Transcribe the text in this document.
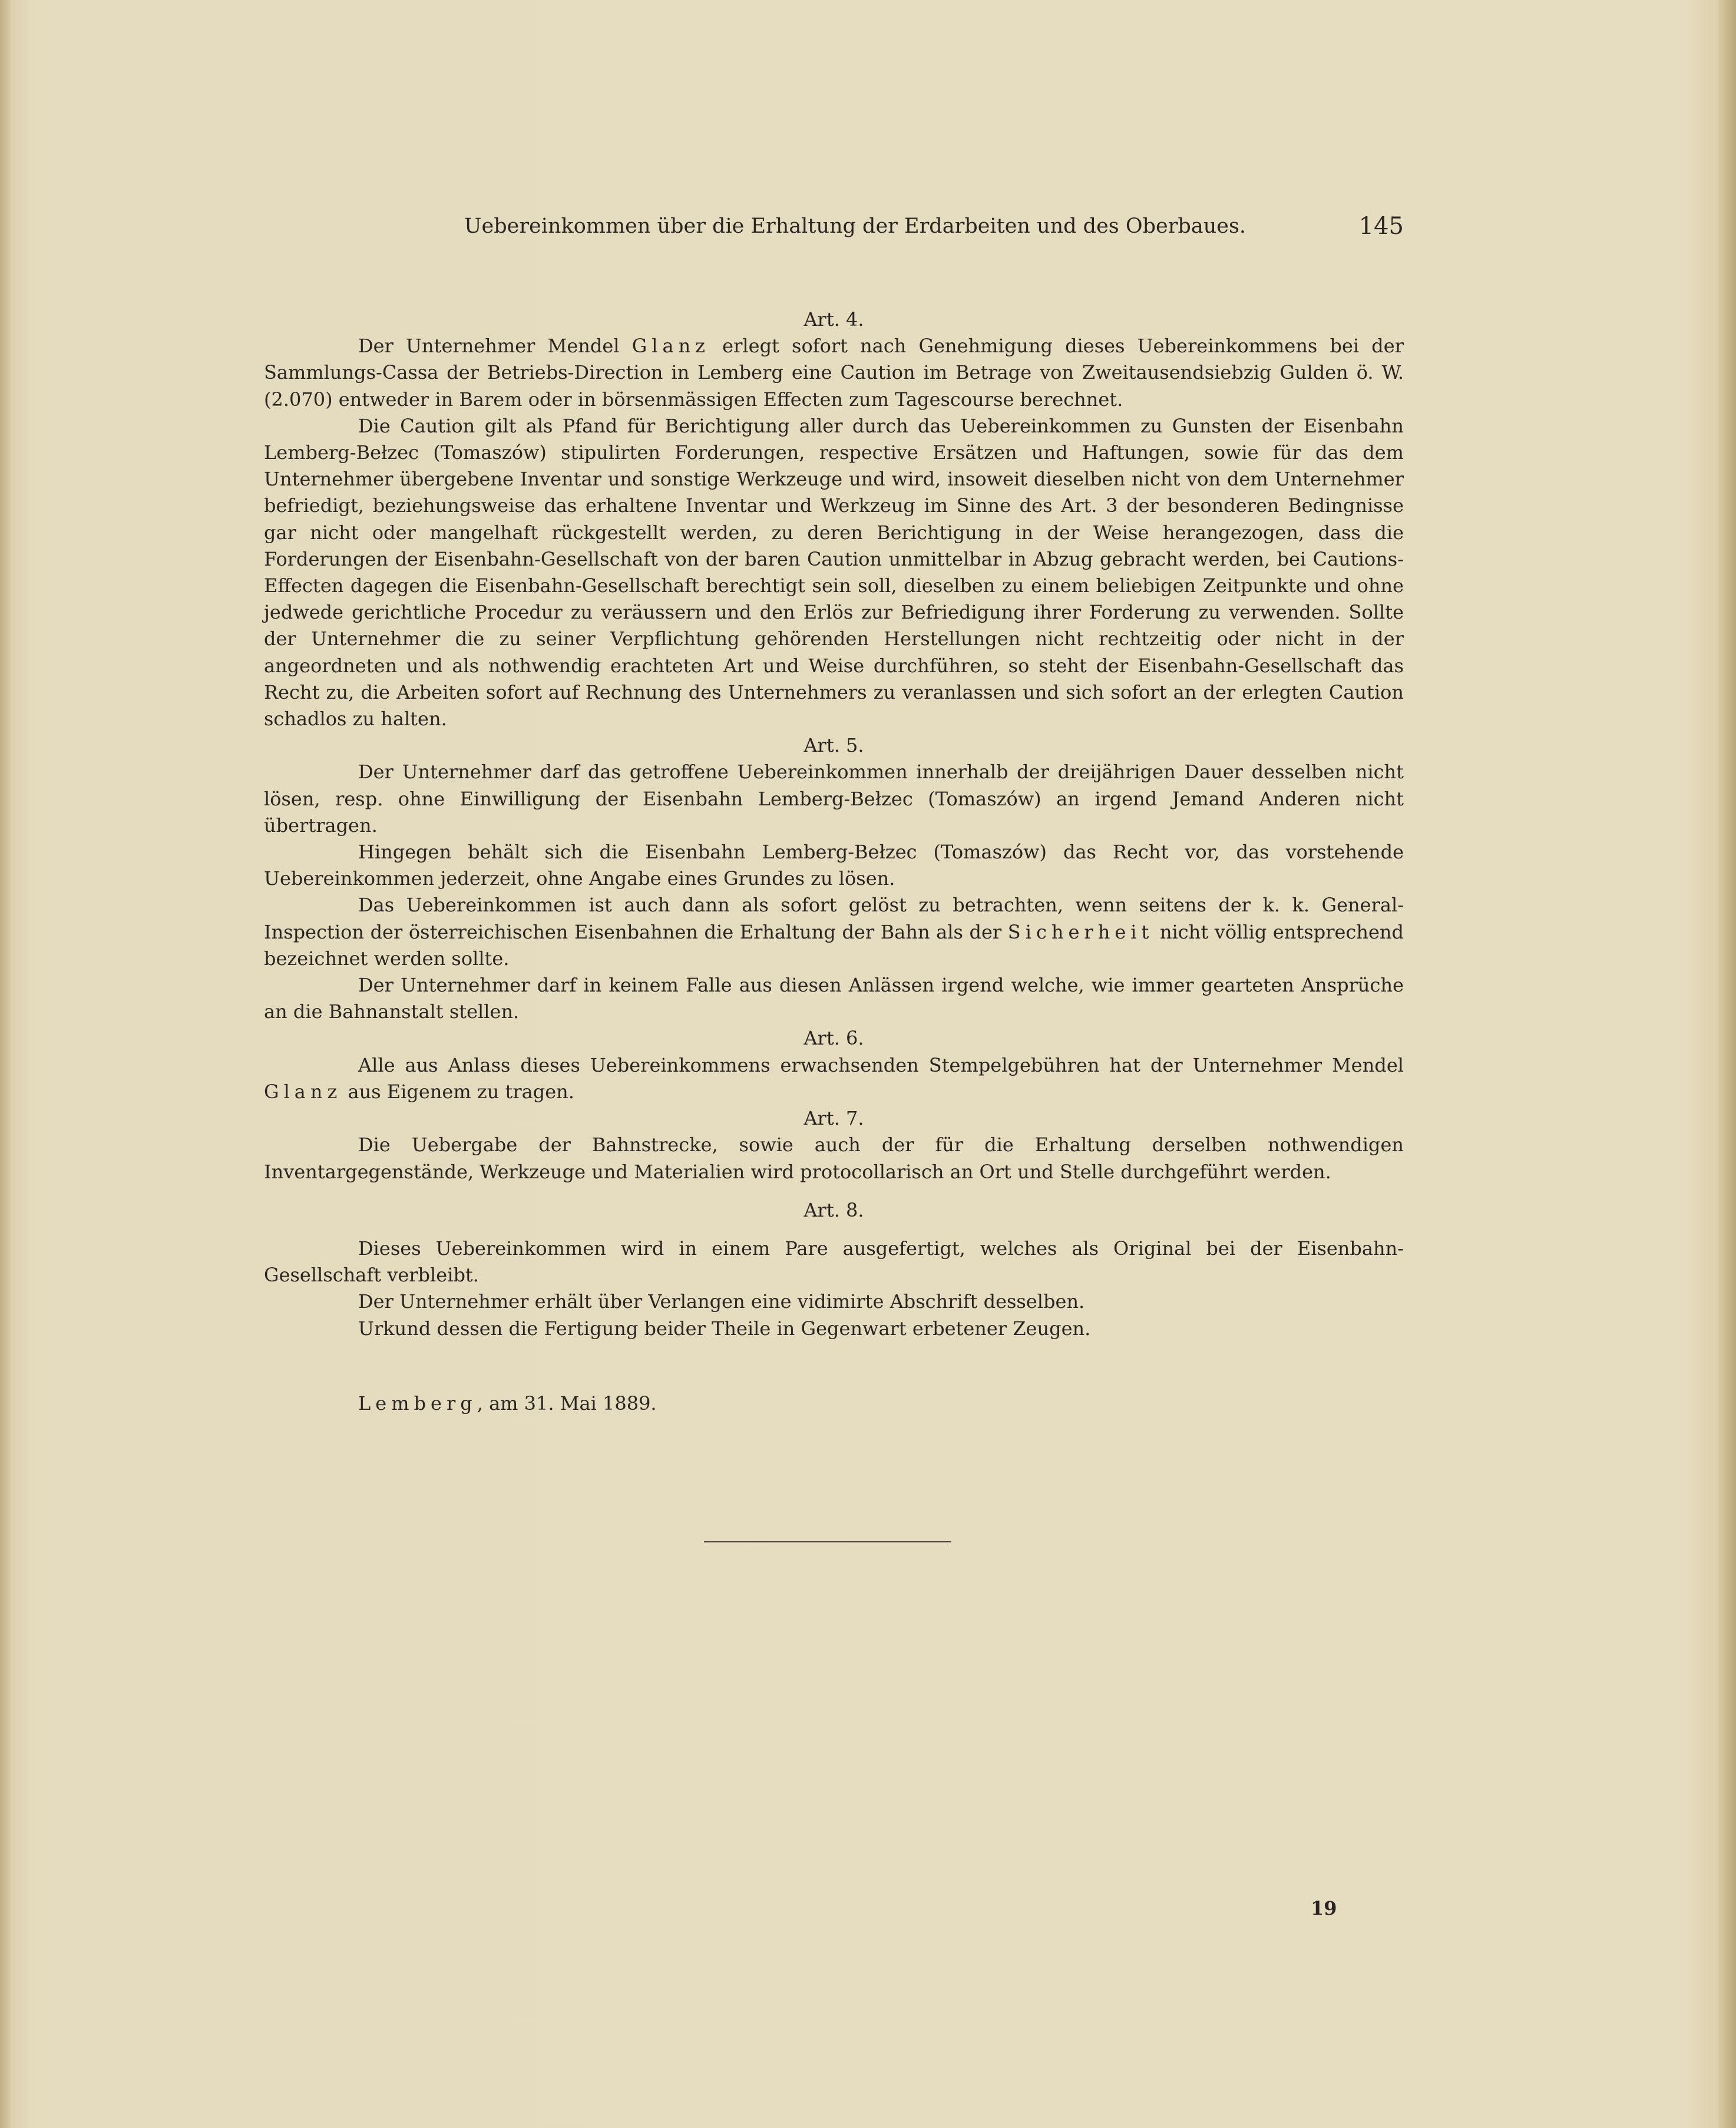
Uebereinkommen über die Erhaltung der Erdarbeiten und des Oberbaues.	145
Art. 4.

Der Unternehmer Mendel Glanz erlegt sofort nach Genehmigung dieses Uebereinkommens bei der Sammlungs-Cassa der Betriebs-Direction in Lemberg eine Caution im Betrage von Zweitausendsiebzig Gulden ö. W. (2.070) entweder in Barem oder in börsenmässigen Effecten zum Tagescourse berechnet.

Die Caution gilt als Pfand für Berichtigung aller durch das Uebereinkommen zu Gunsten der Eisenbahn Lemberg-Bełzec (Tomaszów) stipulirten Forderungen, respective Ersätzen und Haftungen, sowie für das dem Unternehmer übergebene Inventar und sonstige Werkzeuge und wird, insoweit dieselben nicht von dem Unternehmer befriedigt, beziehungsweise das erhaltene Inventar und Werkzeug im Sinne des Art. 3 der besonderen Bedingnisse gar nicht oder mangelhaft rückgestellt werden, zu deren Berichtigung in der Weise herangezogen, dass die Forderungen der Eisenbahn-Gesellschaft von der baren Caution unmittelbar in Abzug gebracht werden, bei Cautions-Effecten dagegen die Eisenbahn-Gesellschaft berechtigt sein soll, dieselben zu einem beliebigen Zeitpunkte und ohne jedwede gerichtliche Procedur zu veräussern und den Erlös zur Befriedigung ihrer Forderung zu verwenden. Sollte der Unternehmer die zu seiner Verpflichtung gehörenden Herstellungen nicht rechtzeitig oder nicht in der angeordneten und als nothwendig erachteten Art und Weise durchführen, so steht der Eisenbahn-Gesellschaft das Recht zu, die Arbeiten sofort auf Rechnung des Unternehmers zu veranlassen und sich sofort an der erlegten Caution schadlos zu halten.

Art. 5.

Der Unternehmer darf das getroffene Uebereinkommen innerhalb der dreijährigen Dauer desselben nicht lösen, resp. ohne Einwilligung der Eisenbahn Lemberg-Bełzec (Tomaszów) an irgend Jemand Anderen nicht übertragen.

Hingegen behält sich die Eisenbahn Lemberg-Bełzec (Tomaszów) das Recht vor, das vorstehende Uebereinkommen jederzeit, ohne Angabe eines Grundes zu lösen.

Das Uebereinkommen ist auch dann als sofort gelöst zu betrachten, wenn seitens der k. k. General-Inspection der österreichischen Eisenbahnen die Erhaltung der Bahn als der Sicherheit nicht völlig entsprechend bezeichnet werden sollte.

Der Unternehmer darf in keinem Falle aus diesen Anlässen irgend welche, wie immer gearteten Ansprüche an die Bahnanstalt stellen.

Art. 6.

Alle aus Anlass dieses Uebereinkommens erwachsenden Stempelgebühren hat der Unternehmer Mendel Glanz aus Eigenem zu tragen.

Art. 7.

Die Uebergabe der Bahnstrecke, sowie auch der für die Erhaltung derselben nothwendigen Inventargegenstände, Werkzeuge und Materialien wird protocollarisch an Ort und Stelle durchgeführt werden.

Art. 8.

Dieses Uebereinkommen wird in einem Pare ausgefertigt, welches als Original bei der Eisenbahn-Gesellschaft verbleibt.

Der Unternehmer erhält über Verlangen eine vidimirte Abschrift desselben.

Urkund dessen die Fertigung beider Theile in Gegenwart erbetener Zeugen.

Lemberg, am 31. Mai 1889.
19
